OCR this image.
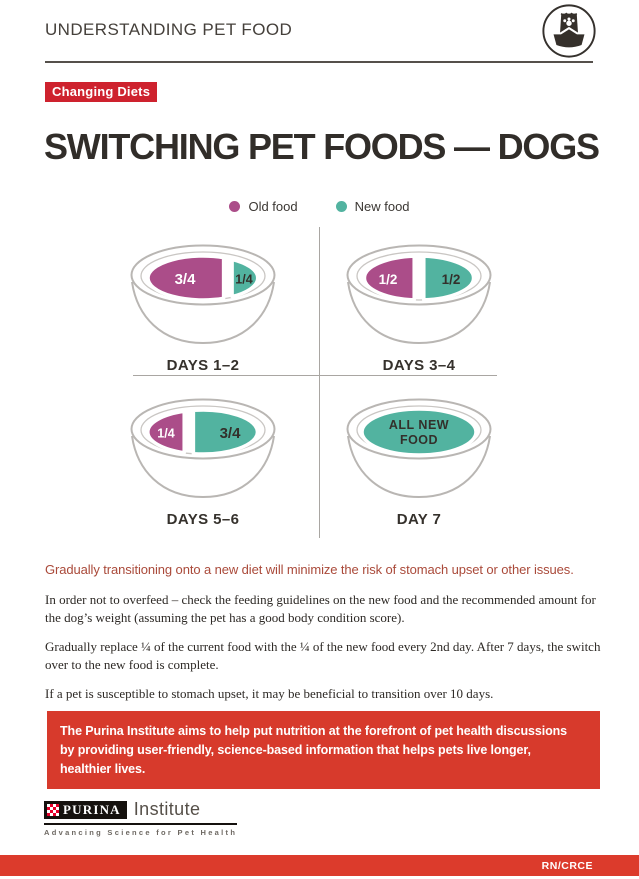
UNDERSTANDING PET FOOD
Changing Diets
SWITCHING PET FOODS — DOGS
Old food	New food
3/4	1/4
DAYS 1–2
1/2	1/2
DAYS 3–4
1/4	3/4
DAYS 5–6
ALL NEW
FOOD
DAY 7
Gradually transitioning onto a new diet will minimize the risk of stomach upset or other issues.

In order not to overfeed – check the feeding guidelines on the new food and the recommended amount for the dog’s weight (assuming the pet has a good body condition score).

Gradually replace ¼ of the current food with the ¼ of the new food every 2nd day. After 7 days, the switch over to the new food is complete.

If a pet is susceptible to stomach upset, it may be beneficial to transition over 10 days.

The Purina Institute aims to help put nutrition at the forefront of pet health discussions by providing user-friendly, science-based information that helps pets live longer, healthier lives.
PURINA Institute
Advancing Science for Pet Health
RN/CRCE
